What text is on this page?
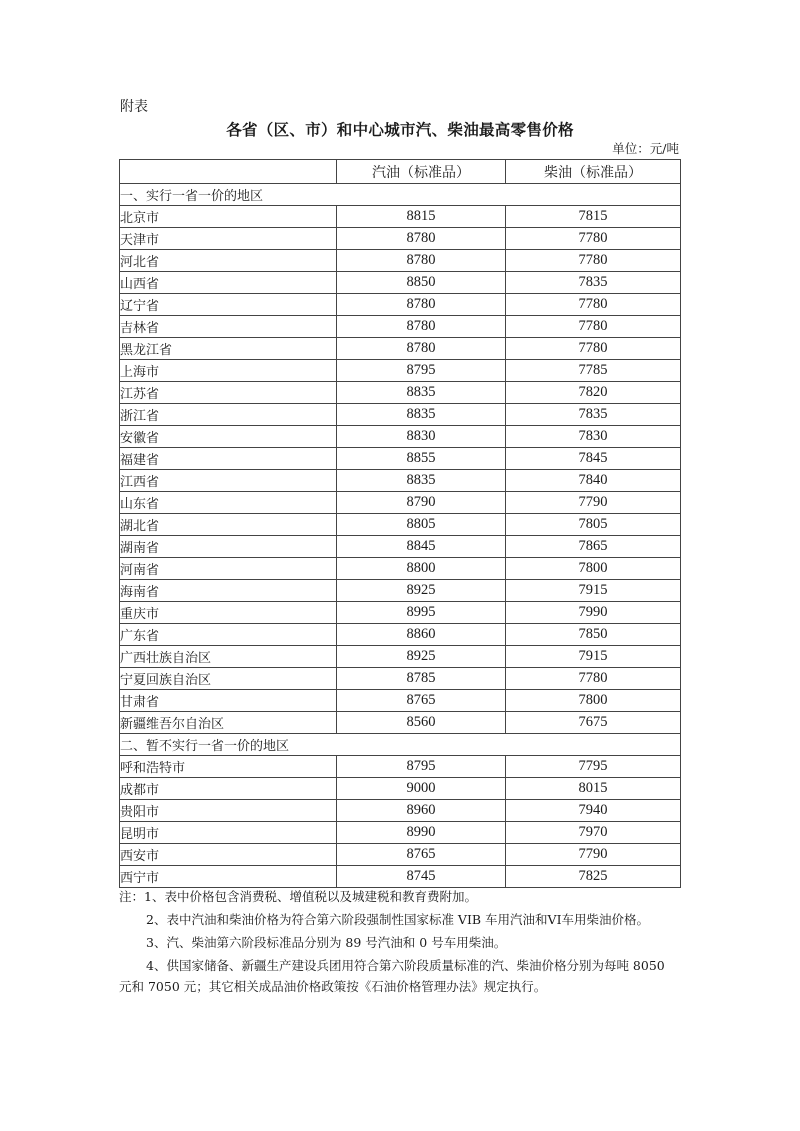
附表
各省（区、市）和中心城市汽、柴油最高零售价格
单位：元/吨
	汽油（标准品）	柴油（标准品）
一、实行一省一价的地区		
北京市	8815	7815
天津市	8780	7780
河北省	8780	7780
山西省	8850	7835
辽宁省	8780	7780
吉林省	8780	7780
黑龙江省	8780	7780
上海市	8795	7785
江苏省	8835	7820
浙江省	8835	7835
安徽省	8830	7830
福建省	8855	7845
江西省	8835	7840
山东省	8790	7790
湖北省	8805	7805
湖南省	8845	7865
河南省	8800	7800
海南省	8925	7915
重庆市	8995	7990
广东省	8860	7850
广西壮族自治区	8925	7915
宁夏回族自治区	8785	7780
甘肃省	8765	7800
新疆维吾尔自治区	8560	7675
二、暂不实行一省一价的地区		
呼和浩特市	8795	7795
成都市	9000	8015
贵阳市	8960	7940
昆明市	8990	7970
西安市	8765	7790
西宁市	8745	7825

注：1、表中价格包含消费税、增值税以及城建税和教育费附加。

2、表中汽油和柴油价格为符合第六阶段强制性国家标准 VIB 车用汽油和VI车用柴油价格。

3、汽、柴油第六阶段标准品分别为 89 号汽油和 0 号车用柴油。

4、供国家储备、新疆生产建设兵团用符合第六阶段质量标准的汽、柴油价格分别为每吨 8050 元和 7050 元；其它相关成品油价格政策按《石油价格管理办法》规定执行。
